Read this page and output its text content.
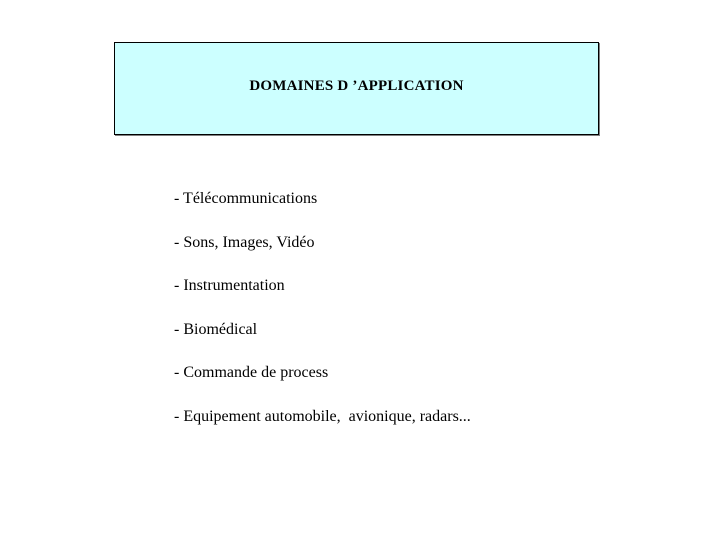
DOMAINES D ’APPLICATION
- Télécommunications
- Sons, Images, Vidéo
- Instrumentation
- Biomédical
- Commande de process
- Equipement automobile,  avionique, radars...
